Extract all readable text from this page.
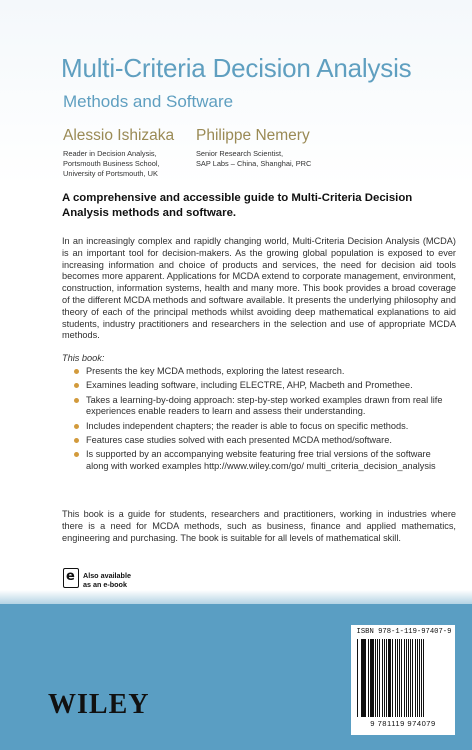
Multi-Criteria Decision Analysis
Methods and Software
Alessio Ishizaka Philippe Nemery
Reader in Decision Analysis,
Portsmouth Business School,
University of Portsmouth, UK
Senior Research Scientist,
SAP Labs – China, Shanghai, PRC
A comprehensive and accessible guide to Multi-Criteria Decision Analysis methods and software.
In an increasingly complex and rapidly changing world, Multi-Criteria Decision Analysis (MCDA) is an important tool for decision-makers. As the growing global population is exposed to ever increasing information and choice of products and services, the need for decision aid tools becomes more apparent. Applications for MCDA extend to corporate management, environment, construction, information systems, health and many more. This book provides a broad coverage of the different MCDA methods and software available. It presents the underlying philosophy and theory of each of the principal methods whilst avoiding deep mathematical explanations to aid students, industry practitioners and researchers in the selection and use of appropriate MCDA methods.
This book:
Presents the key MCDA methods, exploring the latest research.
Examines leading software, including ELECTRE, AHP, Macbeth and Promethee.
Takes a learning-by-doing approach: step-by-step worked examples drawn from real life experiences enable readers to learn and assess their understanding.
Includes independent chapters; the reader is able to focus on specific methods.
Features case studies solved with each presented MCDA method/software.
Is supported by an accompanying website featuring free trial versions of the software along with worked examples http://www.wiley.com/go/ multi_criteria_decision_analysis
This book is a guide for students, researchers and practitioners, working in industries where there is a need for MCDA methods, such as business, finance and applied mathematics, engineering and purchasing. The book is suitable for all levels of mathematical skill.
e
Also available
as an e-book
WILEY
ISBN 978-1-119-97407-9
9 781119 974079
